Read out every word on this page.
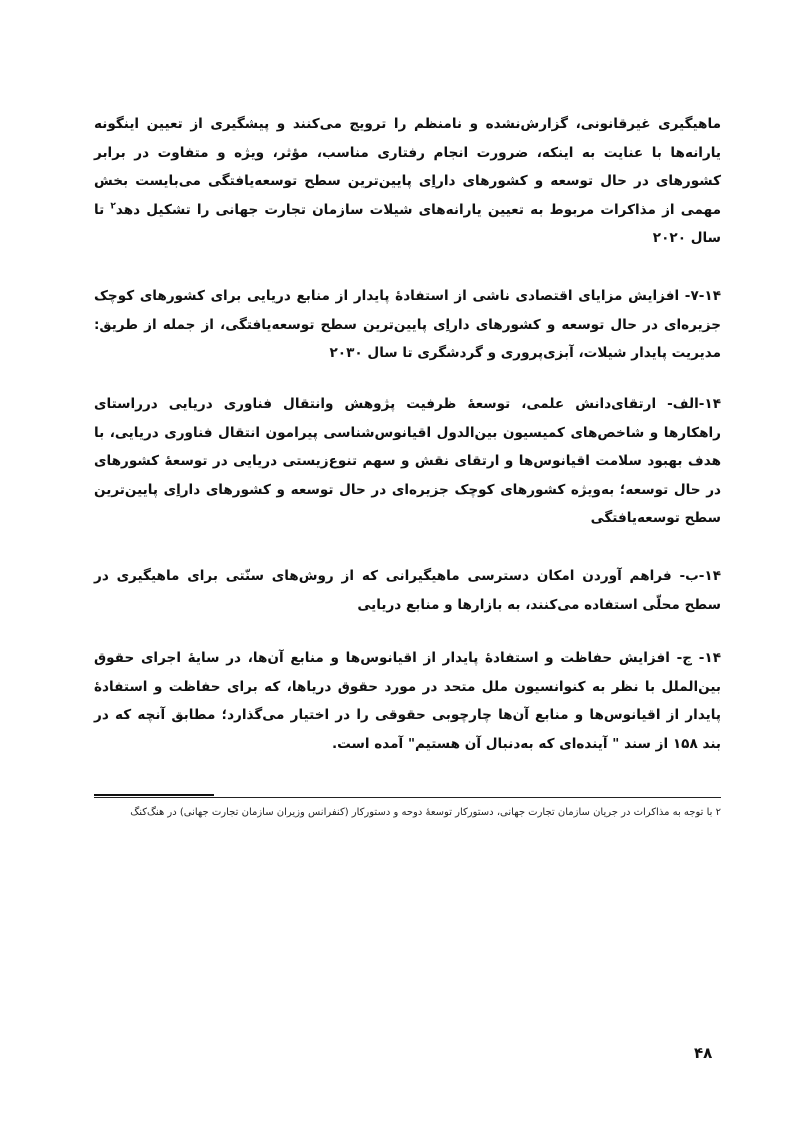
ماهیگیری غیرقانونی، گزارش‌نشده و نامنظم را ترویج می‌کنند و پیشگیری از تعیین اینگونه یارانه‌ها با عنایت به اینکه، ضرورت انجام رفتاری مناسب، مؤثر، ویژه و متفاوت در برابر کشورهای در حال توسعه و کشورهای داراِی پایین‌ترین سطح توسعه‌یافتگی می‌بایست بخش مهمی از مذاکرات مربوط به تعیین یارانه‌های شیلات سازمان تجارت جهانی را تشکیل دهد$^۲$ تا سال ۲۰۲۰

۷-۱۴- افزایش مزایای اقتصادی ناشی از استفادهٔ پایدار از منابع دریایی برای کشورهای کوچک جزیره‌ای در حال توسعه و کشورهای داراِی پایین‌ترین سطح توسعه‌یافتگی، از جمله از طریق: مدیریت پایدار شیلات، آبزی‌پروری و گردشگری تا سال ۲۰۳۰

۱۴-الف- ارتقای‌دانش علمی، توسعهٔ ظرفیت پژوهش وانتقال فناوری دریایی درراستای راهکارها و شاخص‌های کمیسیون بین‌الدول اقیانوس‌شناسی پیرامون انتقال فناوری دریایی، با هدف بهبود سلامت اقیانوس‌ها و ارتقای نقش و سهم تنوع‌زیستی دریایی در توسعهٔ کشورهای در حال توسعه؛ به‌ویژه کشورهای کوچک جزیره‌ای در حال توسعه و کشورهای داراِی پایین‌ترین سطح توسعه‌یافتگی

۱۴-ب- فراهم آوردن امکان دسترسی ماهیگیرانی که از روش‌های سنّتی برای ماهیگیری در سطح محلّی استفاده می‌کنند، به بازارها و منابع دریایی

۱۴- ج- افزایش حفاظت و استفادهٔ پایدار از اقیانوس‌ها و منابع آن‌ها، در سایهٔ اجرای حقوق بین‌الملل با نظر به کنوانسیون ملل متحد در مورد حقوق دریاها، که برای حفاظت و استفادهٔ پایدار از اقیانوس‌ها و منابع آن‌ها چارچوبی حقوقی را در اختیار می‌گذارد؛ مطابق آنچه که در بند ۱۵۸ از سند " آینده‌ای که به‌دنبال آن هستیم" آمده است.

۲ با توجه به مذاکرات در جریان سازمان تجارت جهانی، دستورکار توسعهٔ دوحه و دستورکار (کنفرانس وزیران سازمان تجارت جهانی) در هنگ‌کنگ
۴۸
